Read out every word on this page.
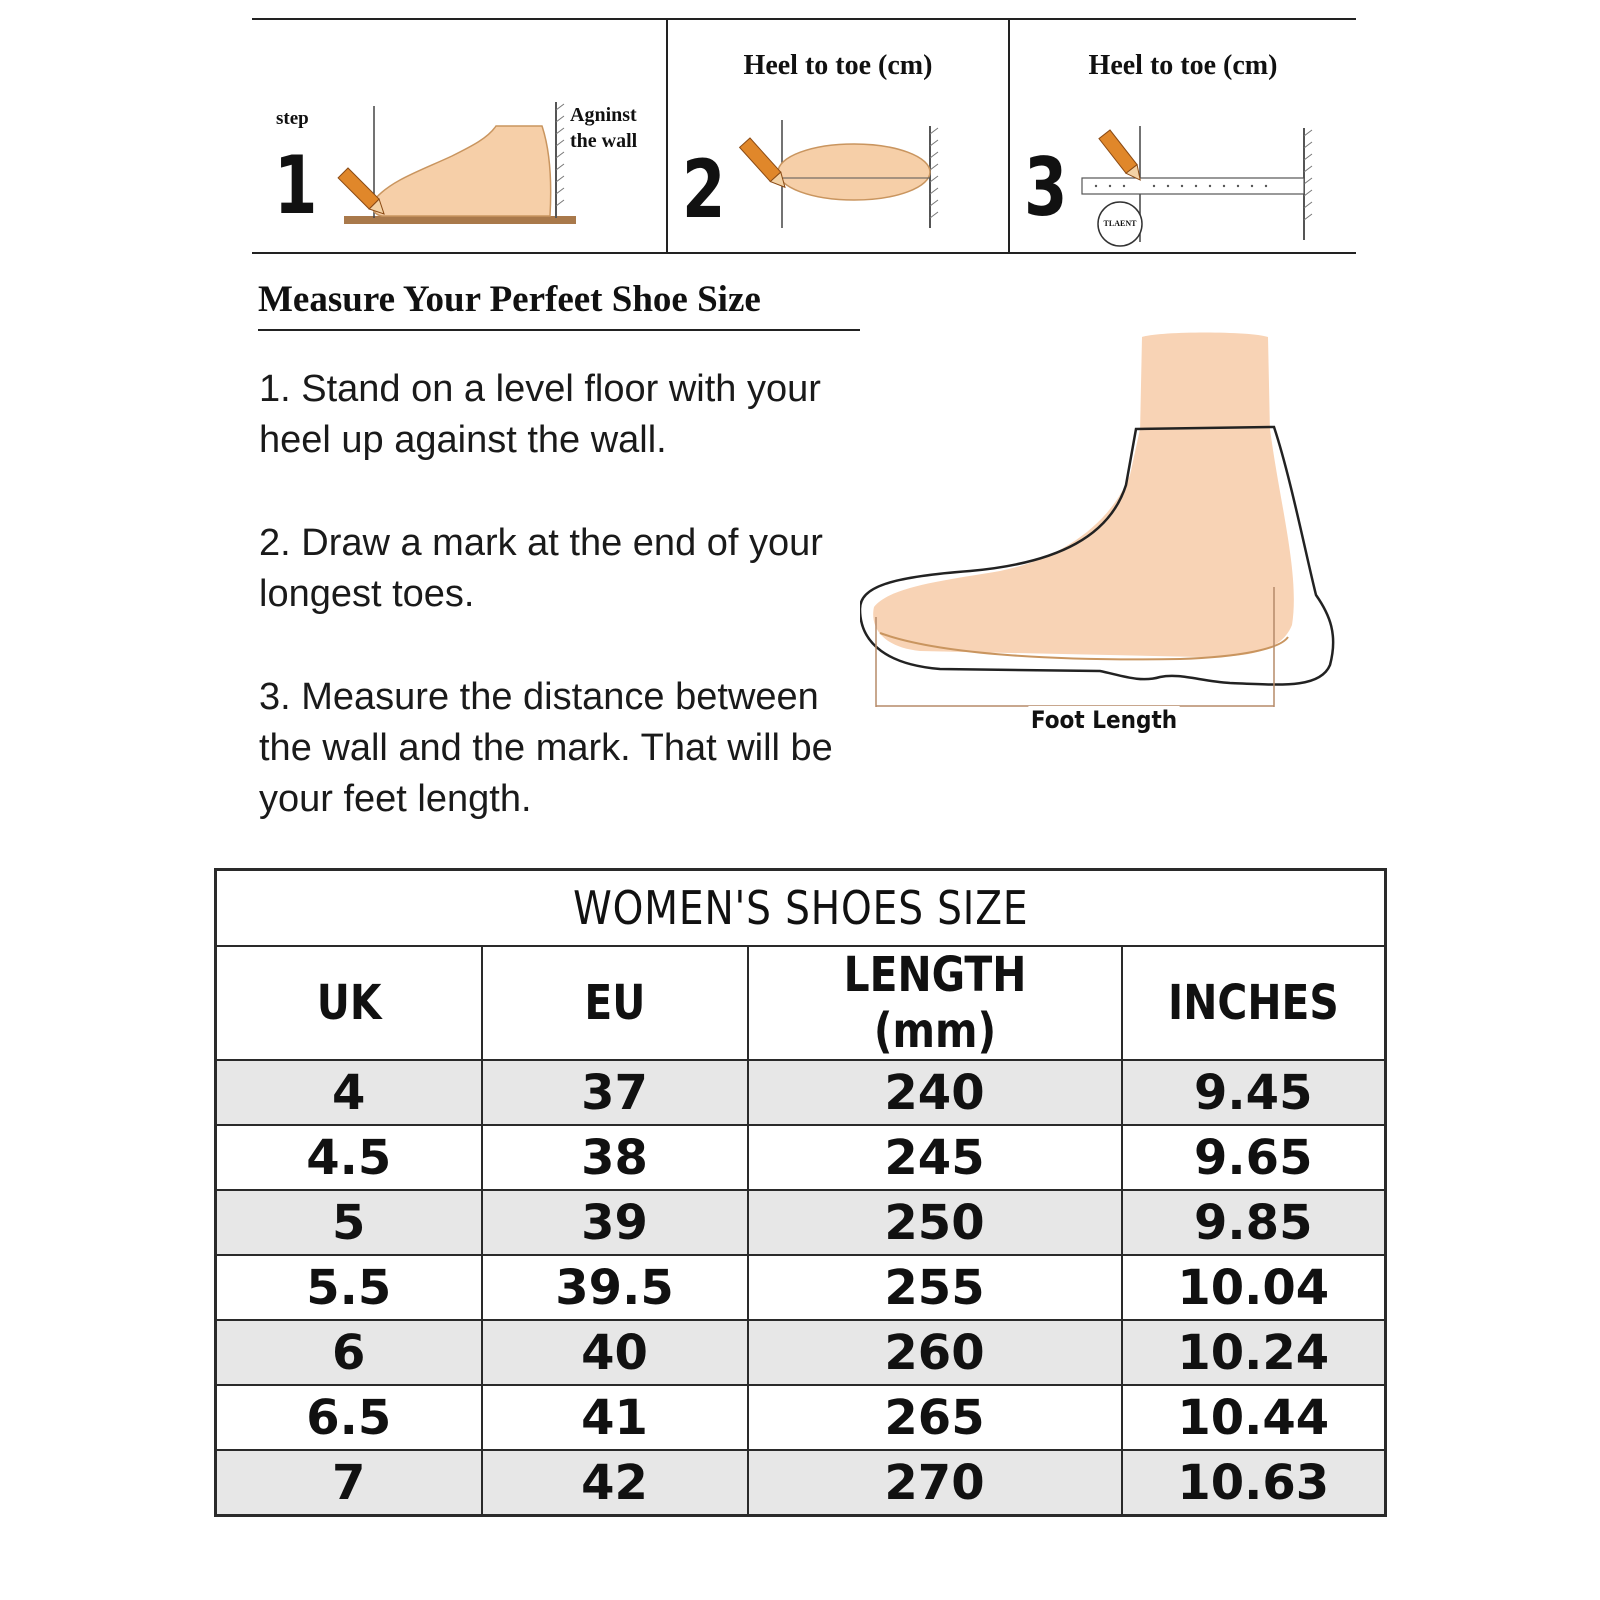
step
1
Agninst
the wall
Heel to toe (cm)
2
Heel to toe (cm)
TLAENT
3
Measure Your Perfeet Shoe Size
1. Stand on a level floor with your heel up against the wall.
2. Draw a mark at the end of your longest toes.
3. Measure the distance between the wall and the mark. That will be your feet length.
Foot Length
WOMEN'S SHOES SIZE			
UK	EU	LENGTH (mm)	INCHES
4	37	240	9.45
4.5	38	245	9.65
5	39	250	9.85
5.5	39.5	255	10.04
6	40	260	10.24
6.5	41	265	10.44
7	42	270	10.63
